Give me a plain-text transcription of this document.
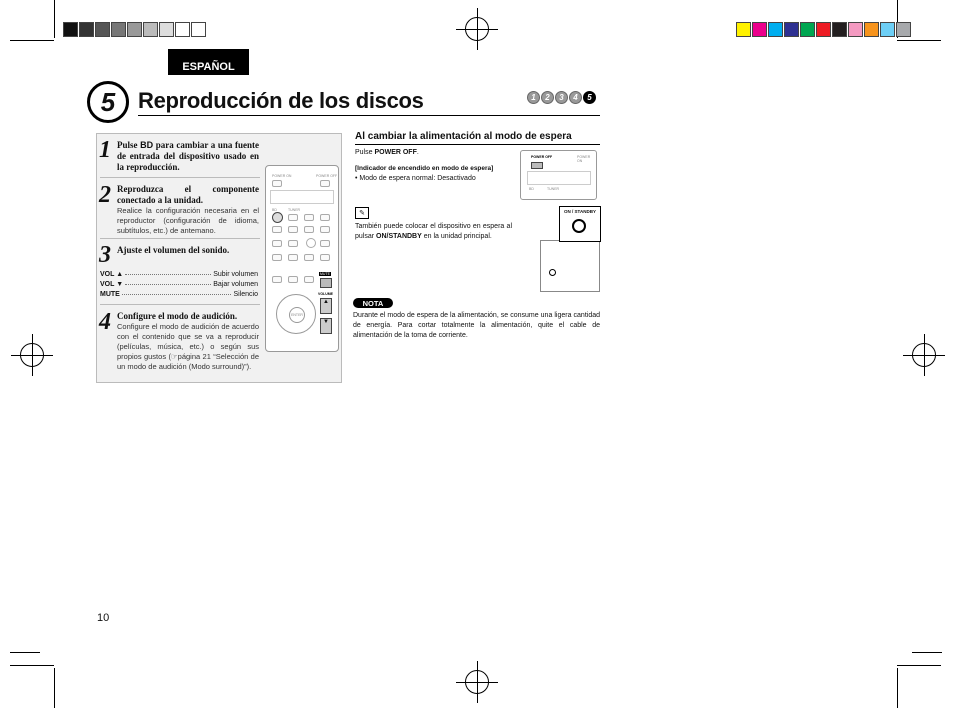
ESPAÑOL
5	Reproducción de los discos	1	2	3	4	5
1 Pulse BD para cambiar a una fuente de entrada del dispositivo usado en la reproducción.
2 Reproduzca el componente conectado a la unidad.
Realice la configuración necesaria en el reproductor (configuración de idioma, subtítulos, etc.) de antemano.
3 Ajuste el volumen del sonido.
VOL ▲	Subir volumen
VOL ▼	Bajar volumen
MUTE	Silencio
4 Configure el modo de audición.
Configure el modo de audición de acuerdo con el contenido que se va a reproducir (películas, música, etc.) o según sus propios gustos (☞página 21 “Selección de un modo de audición (Modo surround)”).
POWER ON	POWER OFF
BD	TUNER
MUTE
VOLUME
ENTER
▲
▼
Al cambiar la alimentación al modo de espera
Pulse POWER OFF.
[Indicador de encendido en modo de espera]
• Modo de espera normal: Desactivado
POWER OFF	POWER ON
BD	TUNER
✎
También puede colocar el dispositivo en espera al pulsar ON/STANDBY en la unidad principal.
ON / STANDBY
NOTA
Durante el modo de espera de la alimentación, se consume una ligera cantidad de energía. Para cortar totalmente la alimentación, quite el cable de alimentación de la toma de corriente.
10
